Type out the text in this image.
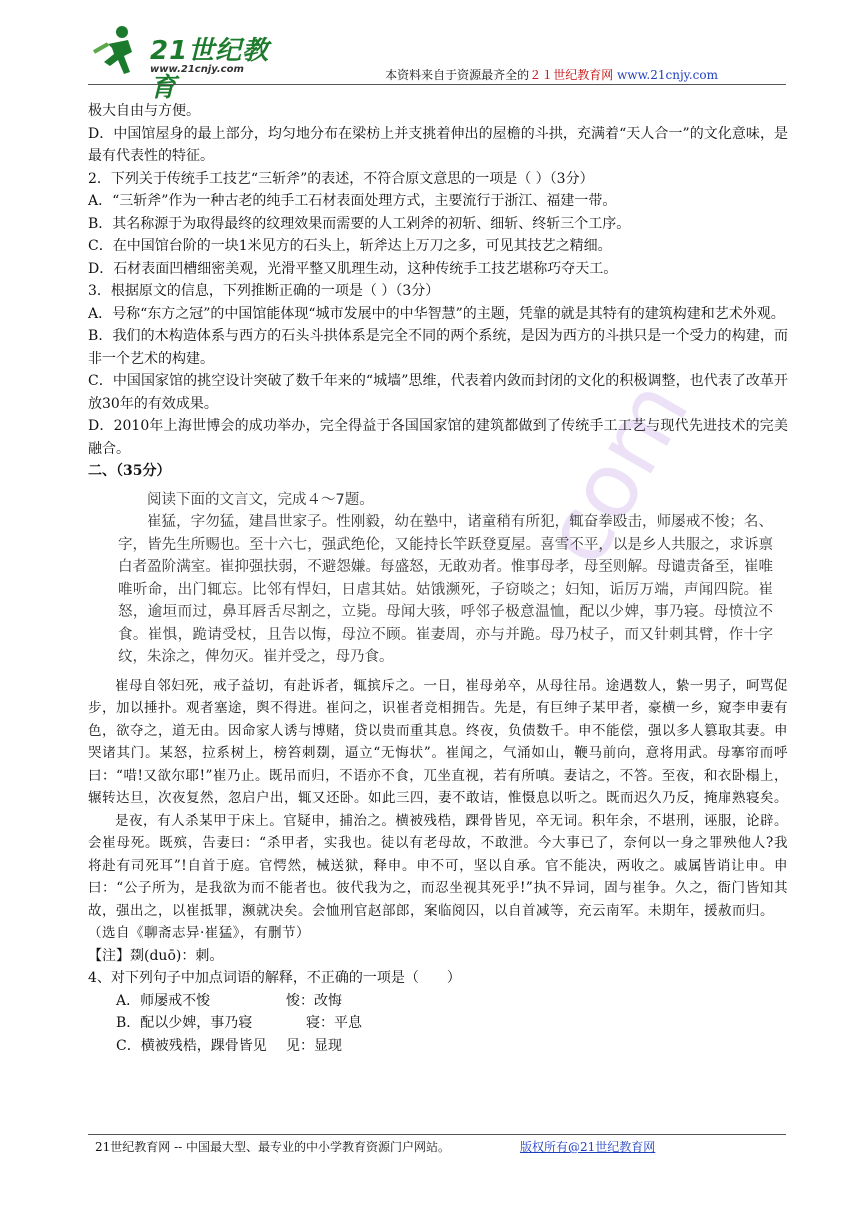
21世纪教育
www.21cnjy.com	本资料来自于资源最齐全的２１世纪教育网 www.21cnjy.com
com

极大自由与方便。

D．中国馆屋身的最上部分，均匀地分布在梁枋上并支挑着伸出的屋檐的斗拱，充满着“天人合一”的文化意味，是最有代表性的特征。

2．下列关于传统手工技艺“三斩斧”的表述，不符合原文意思的一项是（ ）（3分）

A．“三斩斧”作为一种古老的纯手工石材表面处理方式，主要流行于浙江、福建一带。

B．其名称源于为取得最终的纹理效果而需要的人工剁斧的初斩、细斩、终斩三个工序。

C．在中国馆台阶的一块1米见方的石头上，斩斧达上万刀之多，可见其技艺之精细。

D．石材表面凹槽细密美观，光滑平整又肌理生动，这种传统手工技艺堪称巧夺天工。

3．根据原文的信息，下列推断正确的一项是（ ）（3分）

A．号称“东方之冠”的中国馆能体现“城市发展中的中华智慧”的主题，凭靠的就是其特有的建筑构建和艺术外观。

B．我们的木构造体系与西方的石头斗拱体系是完全不同的两个系统，是因为西方的斗拱只是一个受力的构建，而非一个艺术的构建。

C．中国国家馆的挑空设计突破了数千年来的“城墙”思维，代表着内敛而封闭的文化的积极调整，也代表了改革开放30年的有效成果。

D．2010年上海世博会的成功举办，完全得益于各国国家馆的建筑都做到了传统手工工艺与现代先进技术的完美融合。

二、（35分）

阅读下面的文言文，完成４～7题。

崔猛，字勿猛，建昌世家子。性刚毅，幼在塾中，诸童稍有所犯，辄奋拳殴击，师屡戒不悛；名、字，皆先生所赐也。至十六七，强武绝伦，又能持长竿跃登夏屋。喜雪不平，以是乡人共服之，求诉禀白者盈阶满室。崔抑强扶弱，不避怨嫌。每盛怒，无敢劝者。惟事母孝，母至则解。母谴责备至，崔唯唯听命，出门辄忘。比邻有悍妇，日虐其姑。姑饿濒死，子窃啖之；妇知，诟厉万端，声闻四院。崔怒，逾垣而过，鼻耳唇舌尽割之，立毙。母闻大骇，呼邻子极意温恤，配以少婢，事乃寝。母愤泣不食。崔惧，跪请受杖，且告以悔，母泣不顾。崔妻周，亦与并跪。母乃杖子，而又针刺其臂，作十字纹，朱涂之，俾勿灭。崔并受之，母乃食。

崔母自邻妇死，戒子益切，有赴诉者，辄摈斥之。一日，崔母弟卒，从母往吊。途遇数人，絷一男子，呵骂促步，加以捶扑。观者塞途，舆不得进。崔问之，识崔者竞相拥告。先是，有巨绅子某甲者，豪横一乡，窥李申妻有色，欲夺之，道无由。因命家人诱与博赌，贷以贵而重其息。终夜，负债数千。申不能偿，强以多人篡取其妻。申哭诸其门。某怒，拉系树上，榜笞刺剟，逼立“无悔状”。崔闻之，气涌如山，鞭马前向，意将用武。母搴帘而呼曰：“唶!又欲尔耶!”崔乃止。既吊而归，不语亦不食，兀坐直视，若有所嗔。妻诘之，不答。至夜，和衣卧榻上，辗转达旦，次夜复然，忽启户出，辄又还卧。如此三四，妻不敢诘，惟慑息以听之。既而迟久乃反，掩扉熟寝矣。

是夜，有人杀某甲于床上。官疑申，捕治之。横被残梏，踝骨皆见，卒无词。积年余，不堪刑，诬服，论辟。会崔母死。既殡，告妻曰：“杀甲者，实我也。徒以有老母故，不敢泄。今大事已了，奈何以一身之罪殃他人?我将赴有司死耳”!自首于庭。官愕然，械送狱，释申。申不可，坚以自承。官不能决，两收之。戚属皆诮让申。申曰：“公子所为，是我欲为而不能者也。彼代我为之，而忍坐视其死乎!”执不异词，固与崔争。久之，衙门皆知其故，强出之，以崔抵罪，濒就决矣。会恤刑官赵部郎，案临阅囚，以自首减等，充云南军。未期年，援赦而归。

（选自《聊斋志异·崔猛》，有删节）

【注】剟(duō)：刺。

4、对下列句子中加点词语的解释，不正确的一项是（　　）

A．师屡戒不悛	悛：改悔

B．配以少婢，事乃寝	寝：平息

C．横被残梏，踝骨皆见 见：显现

21世纪教育网 -- 中国最大型、最专业的中小学教育资源门户网站。	版权所有@21世纪教育网
